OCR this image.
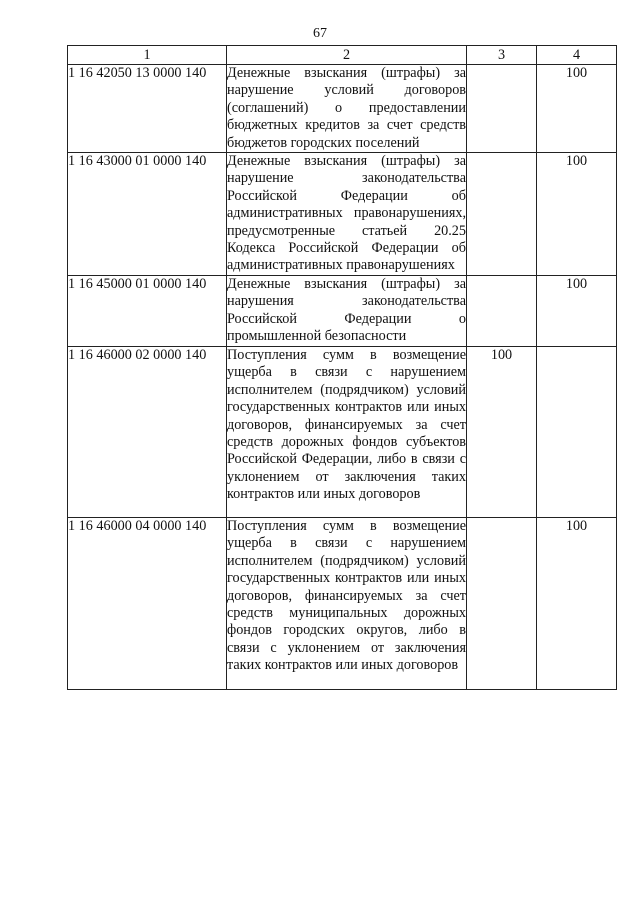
67
1	2	3	4
1 16 42050 13 0000 140	Денежные взыскания (штрафы) за нарушение условий договоров (соглашений) о предоставлении бюджетных кредитов за счет средств бюджетов городских поселений		100
1 16 43000 01 0000 140	Денежные взыскания (штрафы) за нарушение законодательства Российской Федерации об административных правонарушениях, предусмотренные статьей 20.25 Кодекса Российской Федерации об административных правонарушениях		100
1 16 45000 01 0000 140	Денежные взыскания (штрафы) за нарушения законодательства Российской Федерации о промышленной безопасности		100
1 16 46000 02 0000 140	Поступления сумм в возмещение ущерба в связи с нарушением исполнителем (подрядчиком) условий государственных контрактов или иных договоров, финансируемых за счет средств дорожных фондов субъектов Российской Федерации, либо в связи с уклонением от заключения таких контрактов или иных договоров	100	
1 16 46000 04 0000 140	Поступления сумм в возмещение ущерба в связи с нарушением исполнителем (подрядчиком) условий государственных контрактов или иных договоров, финансируемых за счет средств муниципальных дорожных фондов городских округов, либо в связи с уклонением от заключения таких контрактов или иных договоров		100
